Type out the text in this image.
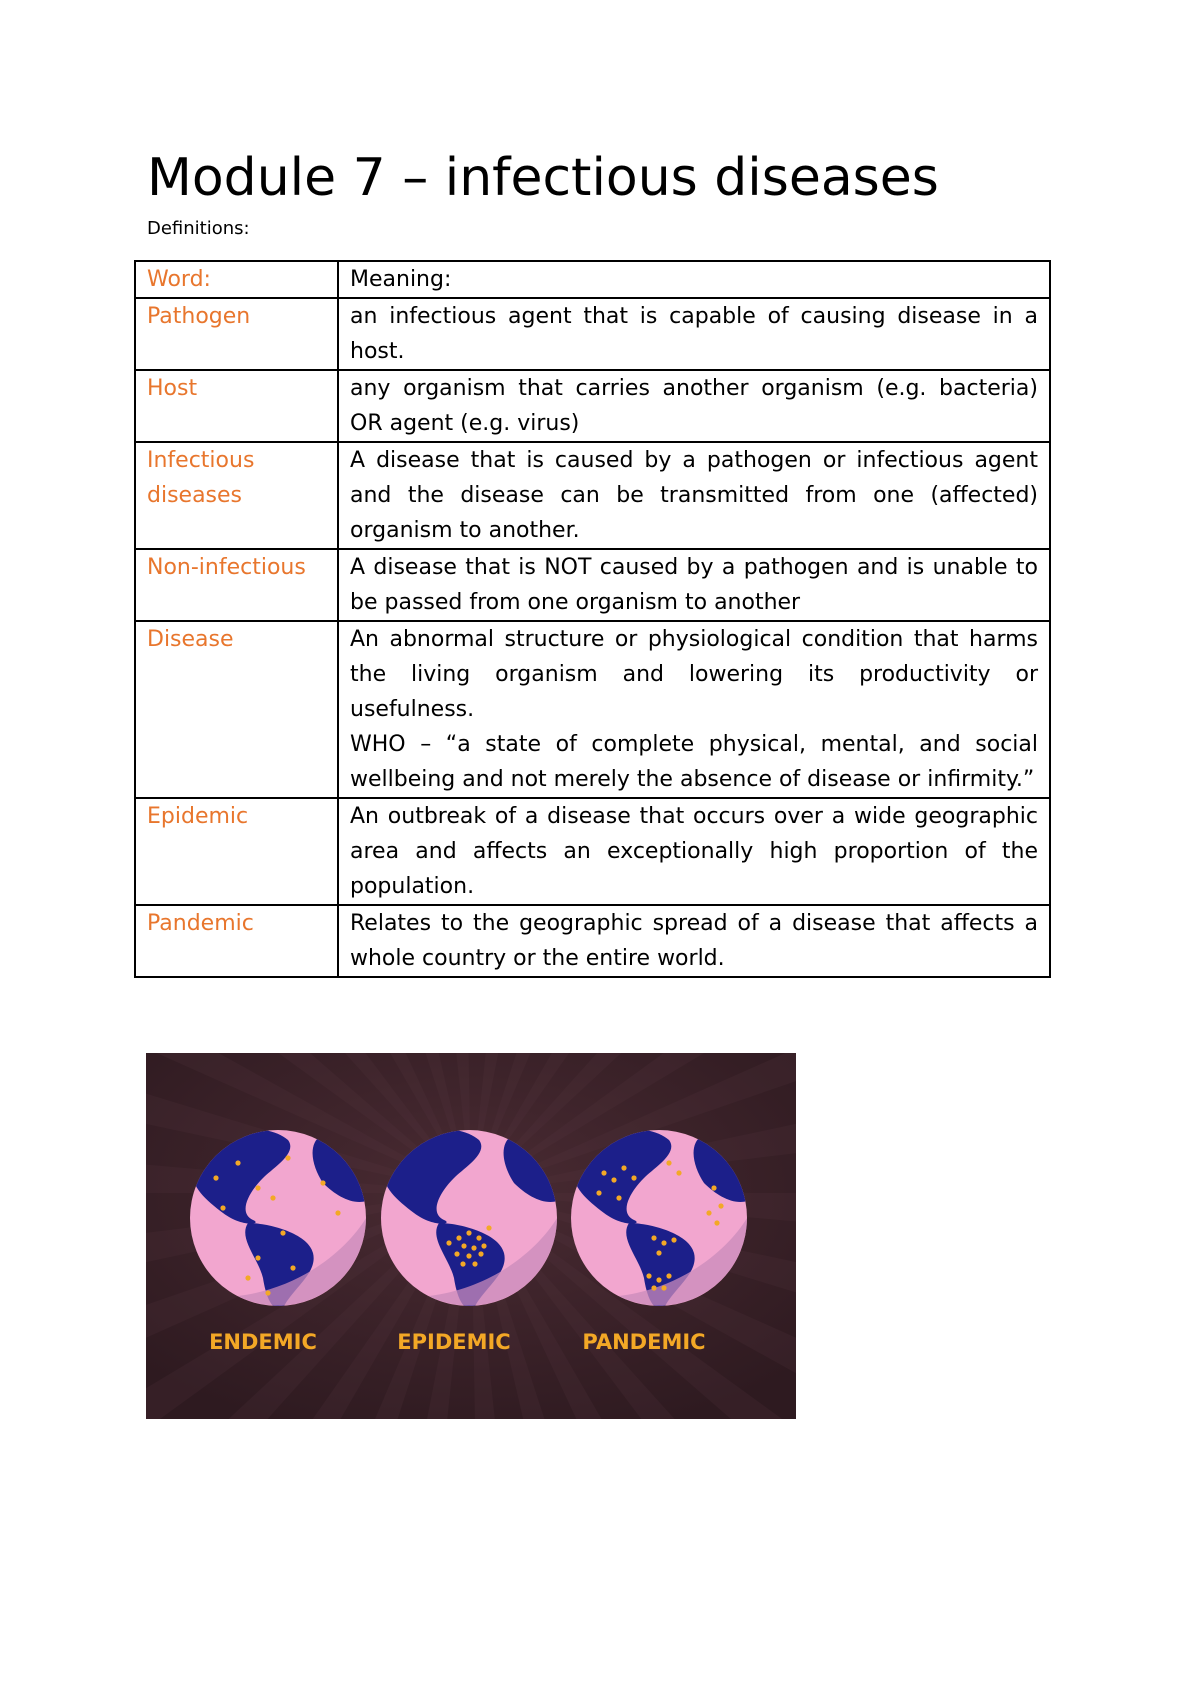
Module 7 – infectious diseases
Definitions:
Word:	Meaning:
Pathogen	an infectious agent that is capable of causing disease in a host.

Host	any organism that carries another organism (e.g. bacteria) OR agent (e.g. virus)

Infectious diseases	A disease that is caused by a pathogen or infectious agent and the disease can be transmitted from one (affected) organism to another.

Non-infectious	A disease that is NOT caused by a pathogen and is unable to be passed from one organism to another

Disease	An abnormal structure or physiological condition that harms the living organism and lowering its productivity or usefulness.
WHO – “a state of complete physical, mental, and social wellbeing and not merely the absence of disease or infirmity.”

Epidemic	An outbreak of a disease that occurs over a wide geographic area and affects an exceptionally high proportion of the population.

Pandemic	Relates to the geographic spread of a disease that affects a whole country or the entire world.
ENDEMIC	EPIDEMIC	PANDEMIC
